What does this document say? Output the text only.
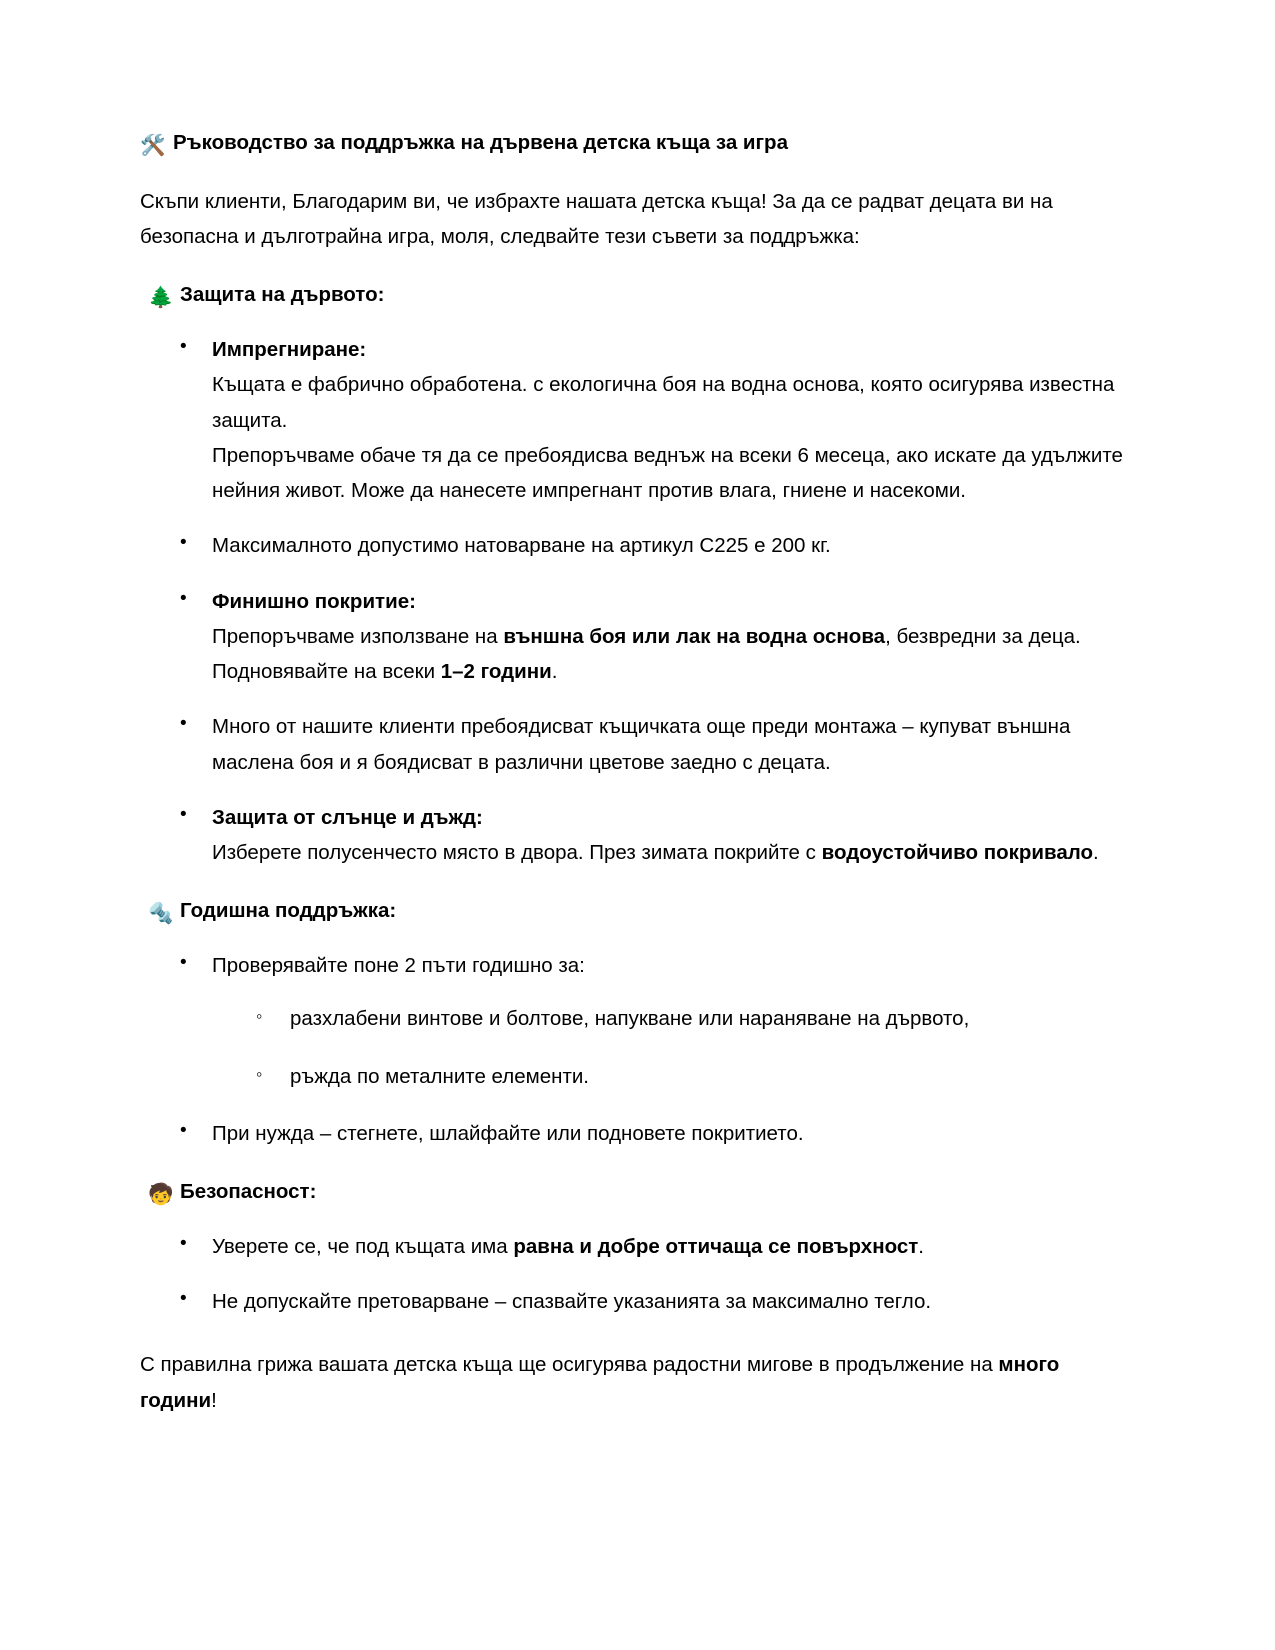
🛠️ Ръководство за поддръжка на дървена детска къща за игра

Скъпи клиенти, Благодарим ви, че избрахте нашата детска къща! За да се радват децата ви на безопасна и дълготрайна игра, моля, следвайте тези съвети за поддръжка:

🌲 Защита на дървото:
• Импрегниране:
Къщата е фабрично обработена. с екологична боя на водна основа, която осигурява известна защита.
Препоръчваме обаче тя да се пребоядисва веднъж на всеки 6 месеца, ако искате да удължите нейния живот. Може да нанесете импрегнант против влага, гниене и насекоми.
• Максималното допустимо натоварване на артикул C225 е 200 кг.
• Финишно покритие:
Препоръчваме използване на външна боя или лак на водна основа, безвредни за деца. Подновявайте на всеки 1–2 години.
• Много от нашите клиенти пребоядисват къщичката още преди монтажа – купуват външна маслена боя и я боядисват в различни цветове заедно с децата.
• Защита от слънце и дъжд:
Изберете полусенчесто място в двора. През зимата покрийте с водоустойчиво покривало.
🔩 Годишна поддръжка:
• Проверявайте поне 2 пъти годишно за:
◦ разхлабени винтове и болтове, напукване или нараняване на дървото,
◦ ръжда по металните елементи.
• При нужда – стегнете, шлайфайте или подновете покритието.
🧒 Безопасност:
• Уверете се, че под къщата има равна и добре оттичаща се повърхност.
• Не допускайте претоварване – спазвайте указанията за максимално тегло.

С правилна грижа вашата детска къща ще осигурява радостни мигове в продължение на много години!
